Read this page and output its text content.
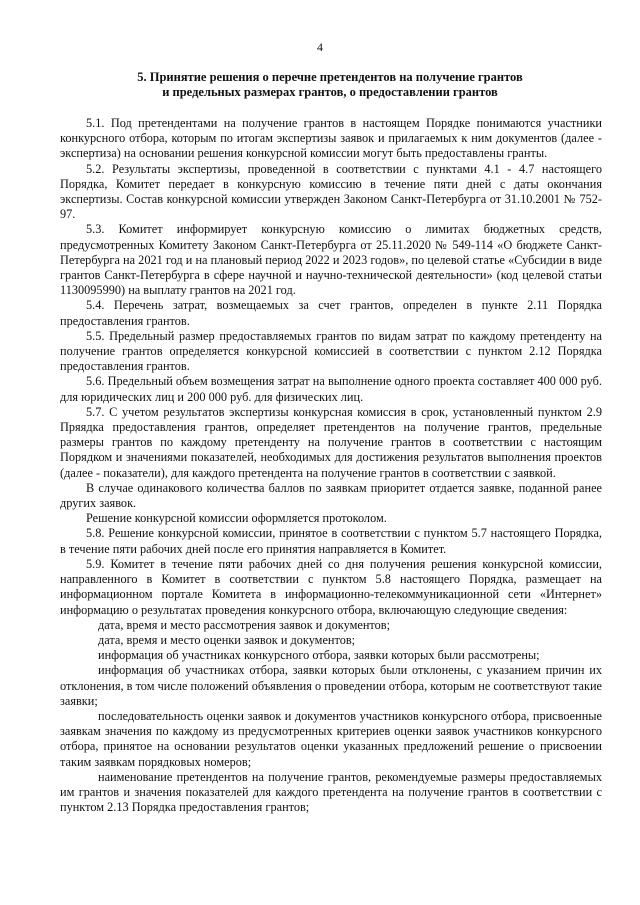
4
5. Принятие решения о перечне претендентов на получение грантов
и предельных размерах грантов, о предоставлении грантов

5.1. Под претендентами на получение грантов в настоящем Порядке понимаются участники конкурсного отбора, которым по итогам экспертизы заявок и прилагаемых к ним документов (далее - экспертиза) на основании решения конкурсной комиссии могут быть предоставлены гранты.

5.2. Результаты экспертизы, проведенной в соответствии с пунктами 4.1 - 4.7 настоящего Порядка, Комитет передает в конкурсную комиссию в течение пяти дней с даты окончания экспертизы. Состав конкурсной комиссии утвержден Законом Санкт-Петербурга от 31.10.2001 № 752-97.

5.3. Комитет информирует конкурсную комиссию о лимитах бюджетных средств, предусмотренных Комитету Законом Санкт-Петербурга от 25.11.2020 № 549-114 «О бюджете Санкт-Петербурга на 2021 год и на плановый период 2022 и 2023 годов», по целевой статье «Субсидии в виде грантов Санкт-Петербурга в сфере научной и научно-технической деятельности» (код целевой статьи 1130095990) на выплату грантов на 2021 год.

5.4. Перечень затрат, возмещаемых за счет грантов, определен в пункте 2.11 Порядка предоставления грантов.

5.5. Предельный размер предоставляемых грантов по видам затрат по каждому претенденту на получение грантов определяется конкурсной комиссией в соответствии с пунктом 2.12 Порядка предоставления грантов.

5.6. Предельный объем возмещения затрат на выполнение одного проекта составляет 400 000 руб. для юридических лиц и 200 000 руб. для физических лиц.

5.7. С учетом результатов экспертизы конкурсная комиссия в срок, установленный пунктом 2.9 Пряядка предоставления грантов, определяет претендентов на получение грантов, предельные размеры грантов по каждому претенденту на получение грантов в соответствии с настоящим Порядком и значениями показателей, необходимых для достижения результатов выполнения проектов (далее - показатели), для каждого претендента на получение грантов в соответствии с заявкой.

В случае одинакового количества баллов по заявкам приоритет отдается заявке, поданной ранее других заявок.

Решение конкурсной комиссии оформляется протоколом.

5.8. Решение конкурсной комиссии, принятое в соответствии с пунктом 5.7 настоящего Порядка, в течение пяти рабочих дней после его принятия направляется в Комитет.

5.9. Комитет в течение пяти рабочих дней со дня получения решения конкурсной комиссии, направленного в Комитет в соответствии с пунктом 5.8 настоящего Порядка, размещает на информационном портале Комитета в информационно-телекоммуникационной сети «Интернет» информацию о результатах проведения конкурсного отбора, включающую следующие сведения:

дата, время и место рассмотрения заявок и документов;

дата, время и место оценки заявок и документов;

информация об участниках конкурсного отбора, заявки которых были рассмотрены;

информация об участниках отбора, заявки которых были отклонены, с указанием причин их отклонения, в том числе положений объявления о проведении отбора, которым не соответствуют такие заявки;

последовательность оценки заявок и документов участников конкурсного отбора, присвоенные заявкам значения по каждому из предусмотренных критериев оценки заявок участников конкурсного отбора, принятое на основании результатов оценки указанных предложений решение о присвоении таким заявкам порядковых номеров;

наименование претендентов на получение грантов, рекомендуемые размеры предоставляемых им грантов и значения показателей для каждого претендента на получение грантов в соответствии с пунктом 2.13 Порядка предоставления грантов;
